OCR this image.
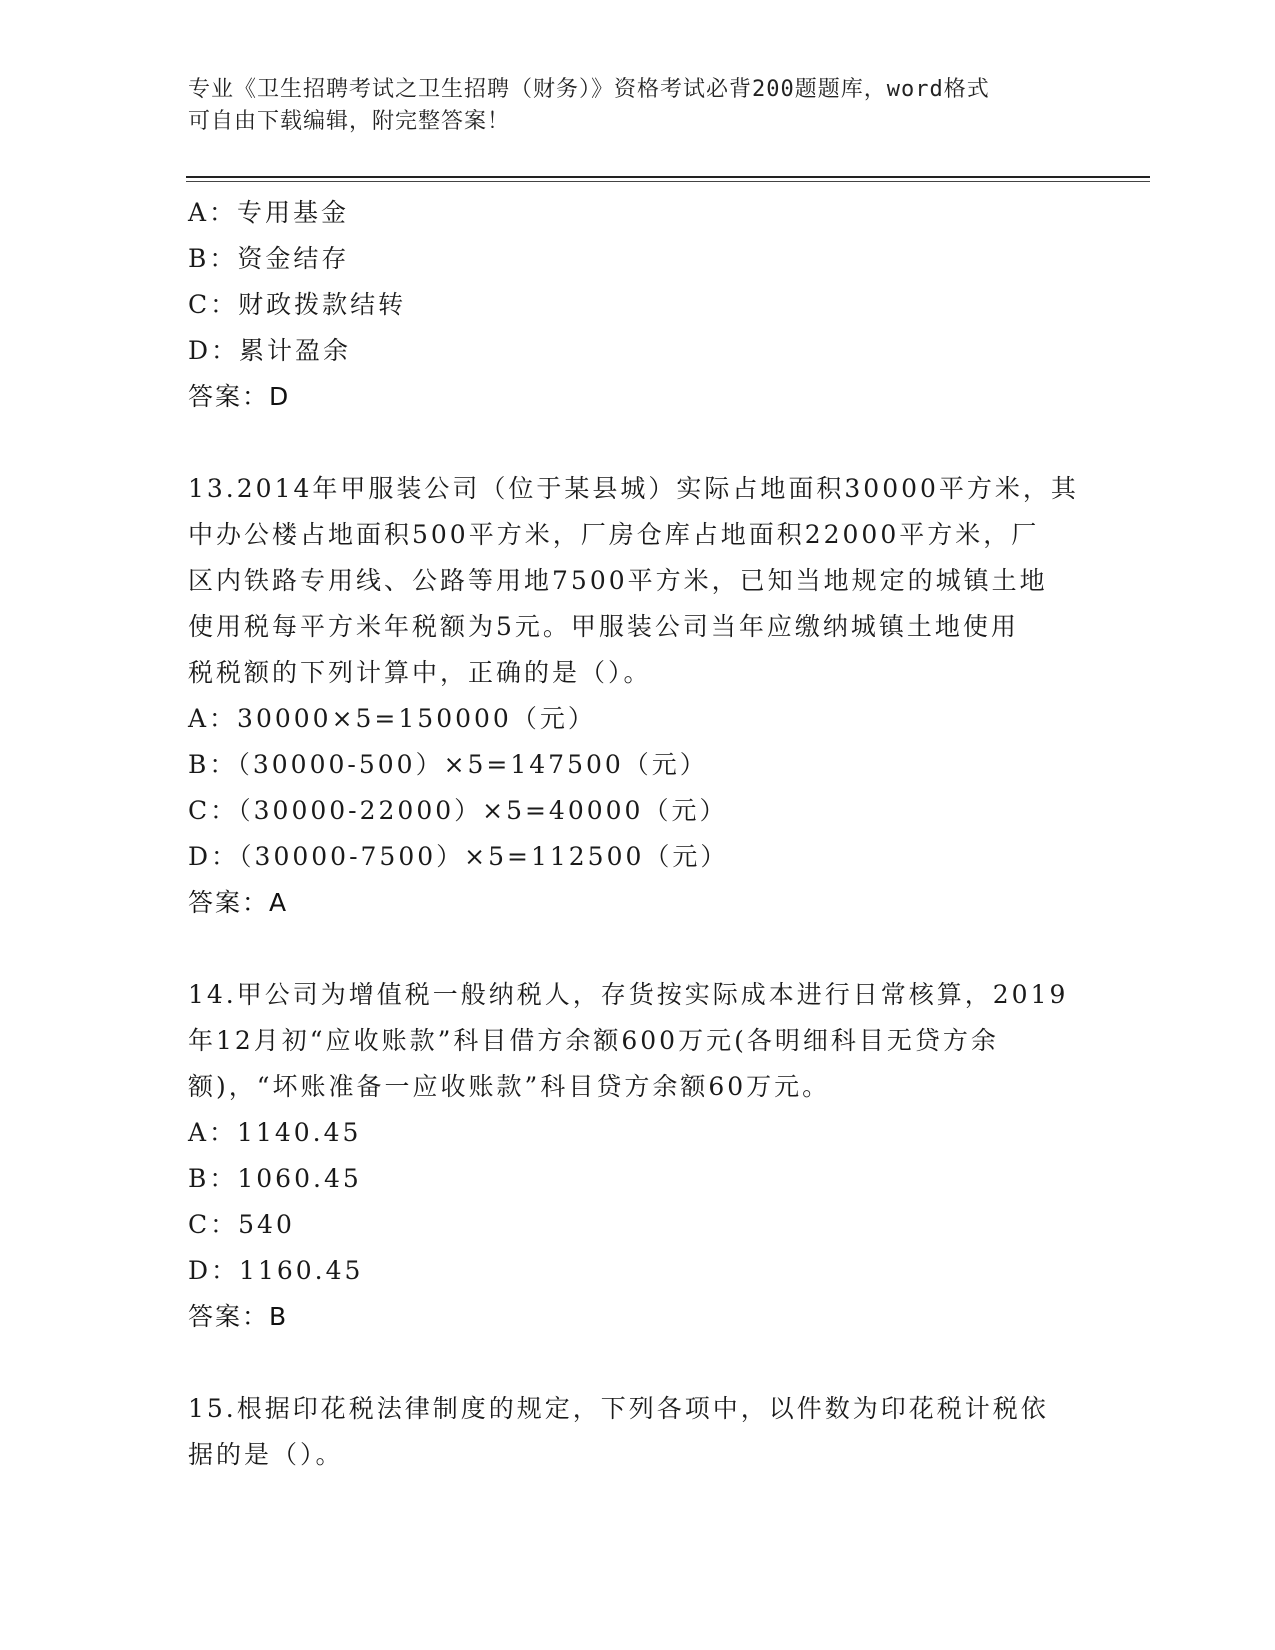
专业《卫生招聘考试之卫生招聘（财务）》资格考试必背200题题库，word格式
可自由下载编辑，附完整答案！
A：专用基金
B：资金结存
C：财政拨款结转
D：累计盈余
答案：D
13.2014年甲服装公司（位于某县城）实际占地面积30000平方米，其
中办公楼占地面积500平方米，厂房仓库占地面积22000平方米，厂
区内铁路专用线、公路等用地7500平方米，已知当地规定的城镇土地
使用税每平方米年税额为5元。甲服装公司当年应缴纳城镇土地使用
税税额的下列计算中，正确的是（）。
A：30000×5=150000（元）
B：（30000-500）×5=147500（元）
C：（30000-22000）×5=40000（元）
D：（30000-7500）×5=112500（元）
答案：A
14.甲公司为增值税一般纳税人，存货按实际成本进行日常核算，2019
年12月初“应收账款”科目借方余额600万元(各明细科目无贷方余
额)，“坏账准备一应收账款”科目贷方余额60万元。
A：1140.45
B：1060.45
C：540
D：1160.45
答案：B
15.根据印花税法律制度的规定，下列各项中，以件数为印花税计税依
据的是（）。
